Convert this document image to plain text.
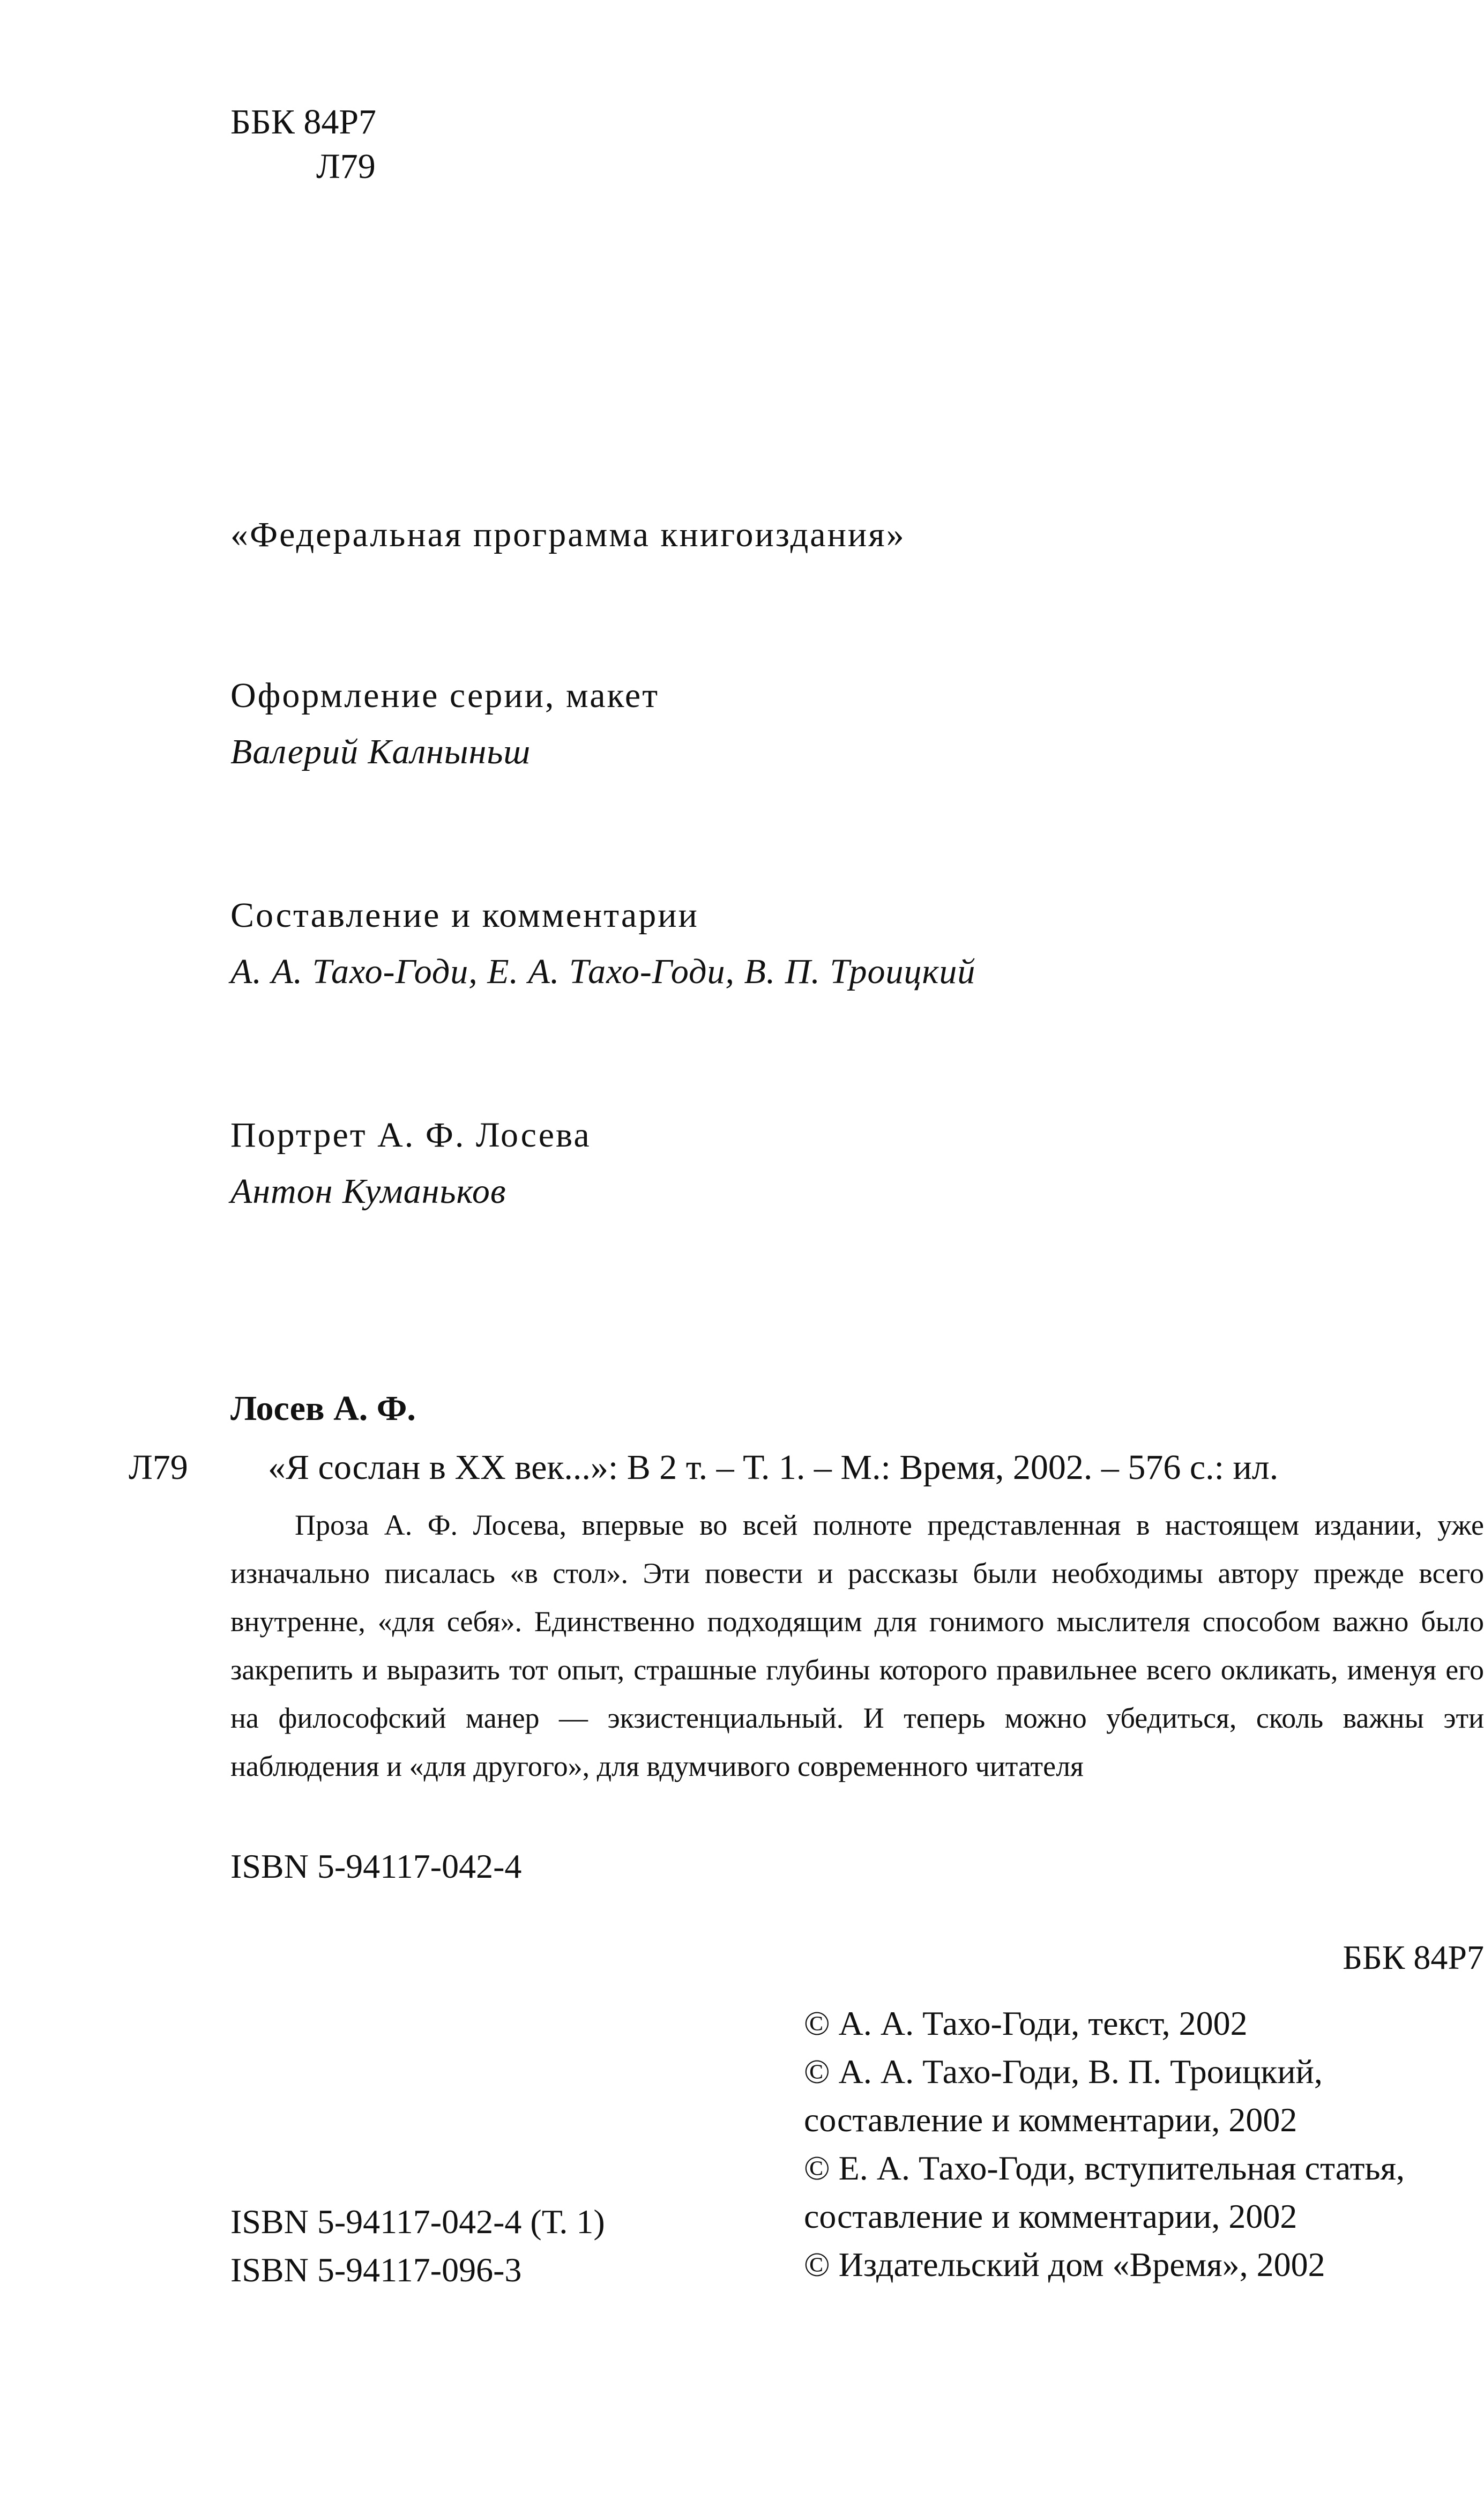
ББК 84Р7
Л79
«Федеральная программа книгоиздания»
Оформление серии, макет
Валерий Калныньш
Составление и комментарии
А. А. Тахо-Годи, Е. А. Тахо-Годи, В. П. Троицкий
Портрет А. Ф. Лосева
Антон Куманьков
Лосев А. Ф.
Л79 «Я сослан в XX век...»: В 2 т. – Т. 1. – М.: Время, 2002. – 576 с.: ил.
Проза А. Ф. Лосева, впервые во всей полноте представленная в настоящем издании, уже изначально писалась «в стол». Эти повести и рассказы были необходимы автору прежде всего внутренне, «для себя». Единственно подходящим для гонимого мыслителя способом важно было закрепить и выразить тот опыт, страшные глубины которого правильнее всего окликать, именуя его на философский манер — экзистенциальный. И теперь можно убедиться, сколь важны эти наблюдения и «для другого», для вдумчивого современного читателя
ISBN 5-94117-042-4
ББК 84Р7
© А. А. Тахо-Годи, текст, 2002
© А. А. Тахо-Годи, В. П. Троицкий,
составление и комментарии, 2002
© Е. А. Тахо-Годи, вступительная статья,
составление и комментарии, 2002
© Издательский дом «Время», 2002
ISBN 5-94117-042-4 (Т. 1)
ISBN 5-94117-096-3
